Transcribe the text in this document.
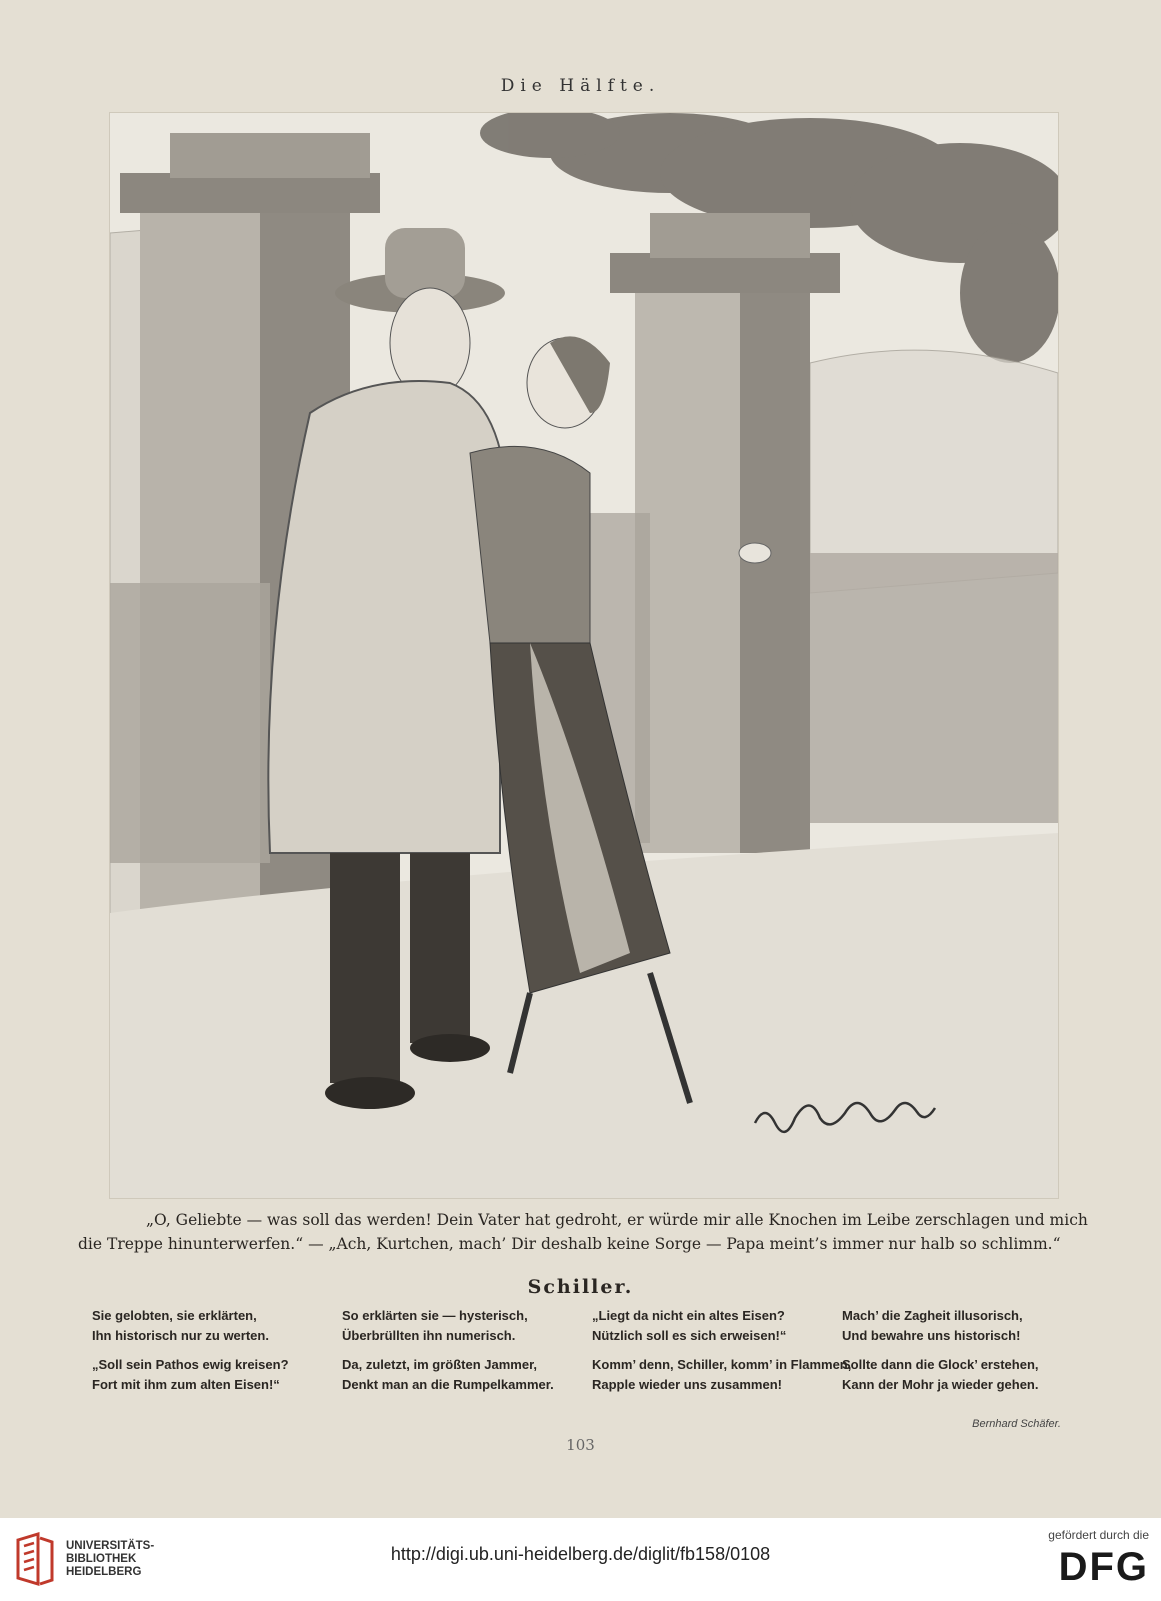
Die Hälfte.
„O, Geliebte — was soll das werden! Dein Vater hat gedroht, er würde mir alle Knochen im Leibe zerschlagen und mich
die Treppe hinunterwerfen.“ — „Ach, Kurtchen, mach’ Dir deshalb keine Sorge — Papa meint’s immer nur halb so schlimm.“
Schiller.
Sie gelobten, sie erklärten,
Ihn historisch nur zu werten.
„Soll sein Pathos ewig kreisen?
Fort mit ihm zum alten Eisen!“
So erklärten sie — hysterisch,
Überbrüllten ihn numerisch.
Da, zuletzt, im größten Jammer,
Denkt man an die Rumpelkammer.
„Liegt da nicht ein altes Eisen?
Nützlich soll es sich erweisen!“
Komm’ denn, Schiller, komm’ in Flammen,
Rapple wieder uns zusammen!
Mach’ die Zagheit illusorisch,
Und bewahre uns historisch!
Sollte dann die Glock’ erstehen,
Kann der Mohr ja wieder gehen.
Bernhard Schäfer.
103
UNIVERSITÄTS-
BIBLIOTHEK
HEIDELBERG
http://digi.ub.uni-heidelberg.de/diglit/fb158/0108
gefördert durch die
DFG
